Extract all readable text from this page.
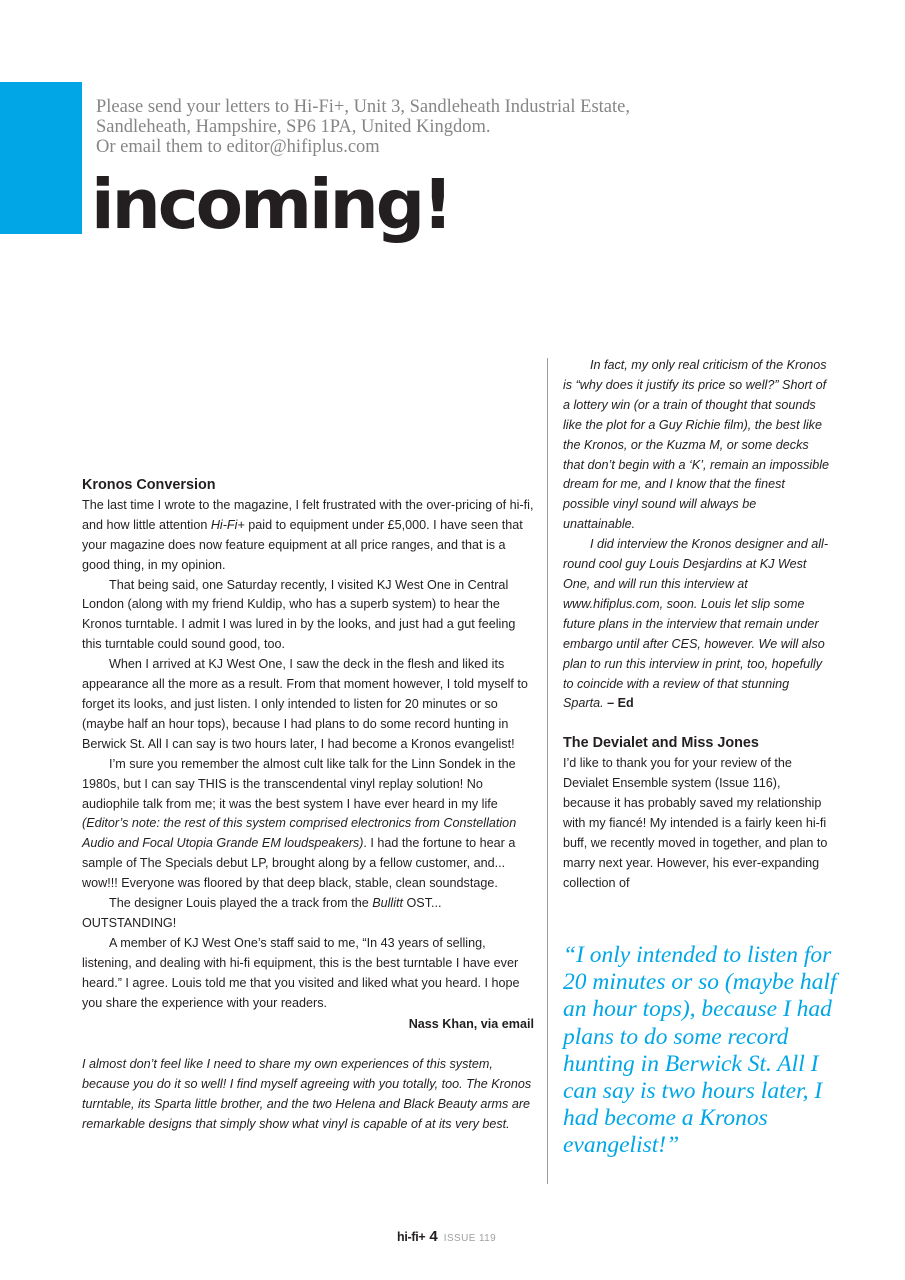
Please send your letters to Hi-Fi+, Unit 3, Sandleheath Industrial Estate,
Sandleheath, Hampshire, SP6 1PA, United Kingdom.
Or email them to editor@hifiplus.com
incoming!

Kronos Conversion

The last time I wrote to the magazine, I felt frustrated with the over-pricing of hi-fi, and how little attention Hi-Fi+ paid to equipment under £5,000. I have seen that your magazine does now feature equipment at all price ranges, and that is a good thing, in my opinion.

That being said, one Saturday recently, I visited KJ West One in Central London (along with my friend Kuldip, who has a superb system) to hear the Kronos turntable. I admit I was lured in by the looks, and just had a gut feeling this turntable could sound good, too.

When I arrived at KJ West One, I saw the deck in the flesh and liked its appearance all the more as a result. From that moment however, I told myself to forget its looks, and just listen. I only intended to listen for 20 minutes or so (maybe half an hour tops), because I had plans to do some record hunting in Berwick St. All I can say is two hours later, I had become a Kronos evangelist!

I’m sure you remember the almost cult like talk for the Linn Sondek in the 1980s, but I can say THIS is the transcendental vinyl replay solution! No audiophile talk from me; it was the best system I have ever heard in my life (Editor’s note: the rest of this system comprised electronics from Constellation Audio and Focal Utopia Grande EM loudspeakers). I had the fortune to hear a sample of The Specials debut LP, brought along by a fellow customer, and... wow!!! Everyone was floored by that deep black, stable, clean soundstage.

The designer Louis played the a track from the Bullitt OST... OUTSTANDING!

A member of KJ West One’s staff said to me, “In 43 years of selling, listening, and dealing with hi-fi equipment, this is the best turntable I have ever heard.” I agree. Louis told me that you visited and liked what you heard. I hope you share the experience with your readers.

Nass Khan, via email

I almost don’t feel like I need to share my own experiences of this system, because you do it so well! I find myself agreeing with you totally, too. The Kronos turntable, its Sparta little brother, and the two Helena and Black Beauty arms are remarkable designs that simply show what vinyl is capable of at its very best.

In fact, my only real criticism of the Kronos is “why does it justify its price so well?” Short of a lottery win (or a train of thought that sounds like the plot for a Guy Richie film), the best like the Kronos, or the Kuzma M, or some decks that don’t begin with a ‘K’, remain an impossible dream for me, and I know that the finest possible vinyl sound will always be unattainable.

I did interview the Kronos designer and all-round cool guy Louis Desjardins at KJ West One, and will run this interview at www.hifiplus.com, soon. Louis let slip some future plans in the interview that remain under embargo until after CES, however. We will also plan to run this interview in print, too, hopefully to coincide with a review of that stunning Sparta. – Ed

The Devialet and Miss Jones

I’d like to thank you for your review of the Devialet Ensemble system (Issue 116), because it has probably saved my relationship with my fiancé! My intended is a fairly keen hi-fi buff, we recently moved in together, and plan to marry next year. However, his ever-expanding collection of

“I only intended to listen for 20 minutes or so (maybe half an hour tops), because I had plans to do some record hunting in Berwick St. All I can say is two hours later, I had become a Kronos evangelist!”
hi-fi+ 4 ISSUE 119
